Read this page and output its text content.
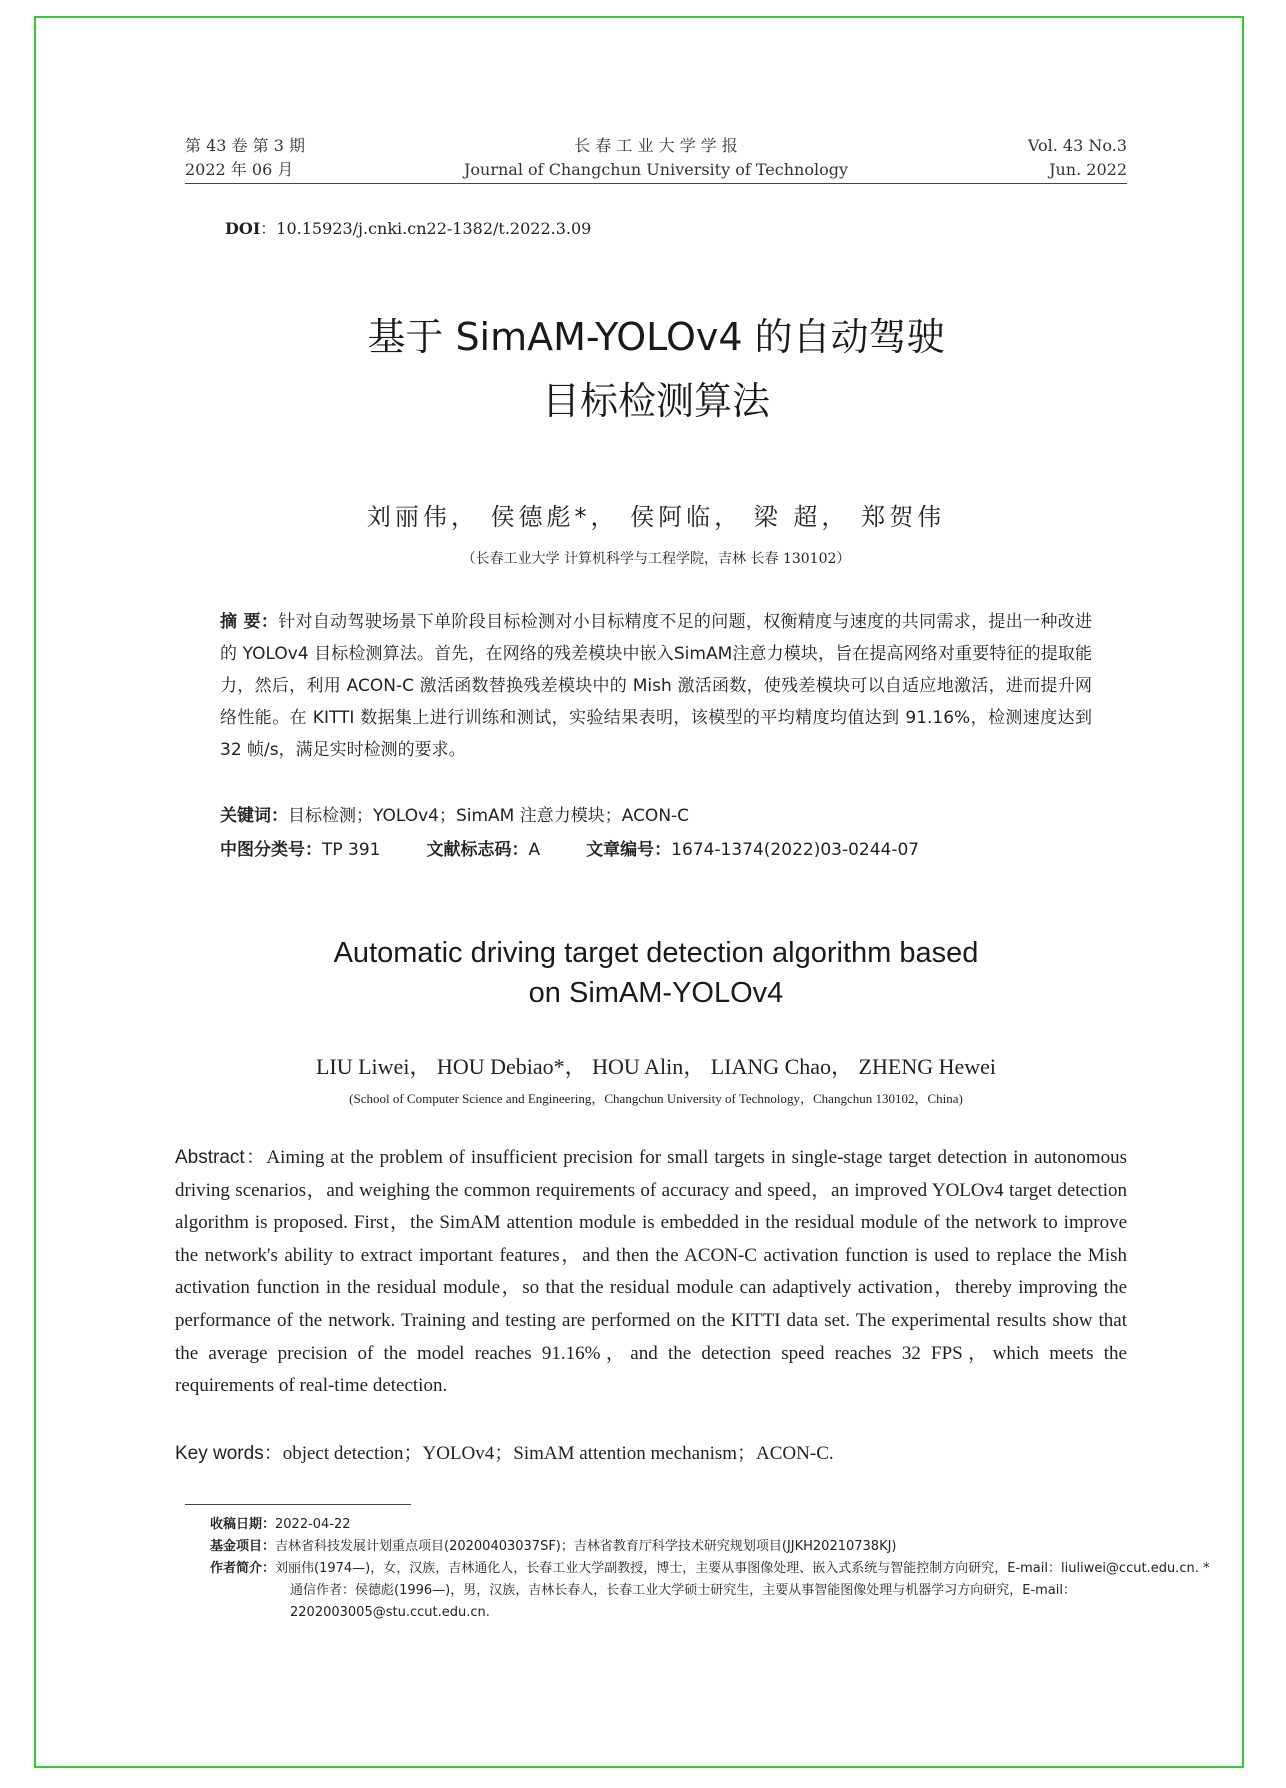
第 43 卷 第 3 期
2022 年 06 月
长 春 工 业 大 学 学 报
Journal of Changchun University of Technology
Vol. 43 No.3
Jun. 2022
DOI：10.15923/j.cnki.cn22-1382/t.2022.3.09
基于 SimAM-YOLOv4 的自动驾驶
目标检测算法
刘丽伟， 侯德彪*， 侯阿临， 梁 超， 郑贺伟
（长春工业大学 计算机科学与工程学院，吉林 长春 130102）
摘 要：针对自动驾驶场景下单阶段目标检测对小目标精度不足的问题，权衡精度与速度的共同需求，提出一种改进的 YOLOv4 目标检测算法。首先，在网络的残差模块中嵌入SimAM注意力模块，旨在提高网络对重要特征的提取能力，然后，利用 ACON-C 激活函数替换残差模块中的 Mish 激活函数，使残差模块可以自适应地激活，进而提升网络性能。在 KITTI 数据集上进行训练和测试，实验结果表明，该模型的平均精度均值达到 91.16%，检测速度达到 32 帧/s，满足实时检测的要求。
关键词：目标检测；YOLOv4；SimAM 注意力模块；ACON-C
中图分类号：TP 391	文献标志码：A	文章编号：1674-1374(2022)03-0244-07
Automatic driving target detection algorithm based
on SimAM-YOLOv4
LIU Liwei， HOU Debiao*， HOU Alin， LIANG Chao， ZHENG Hewei
(School of Computer Science and Engineering，Changchun University of Technology，Changchun 130102，China)
Abstract：Aiming at the problem of insufficient precision for small targets in single-stage target detection in autonomous driving scenarios，and weighing the common requirements of accuracy and speed，an improved YOLOv4 target detection algorithm is proposed. First，the SimAM attention module is embedded in the residual module of the network to improve the network's ability to extract important features，and then the ACON-C activation function is used to replace the Mish activation function in the residual module，so that the residual module can adaptively activation，thereby improving the performance of the network. Training and testing are performed on the KITTI data set. The experimental results show that the average precision of the model reaches 91.16%，and the detection speed reaches 32 FPS，which meets the requirements of real-time detection.
Key words：object detection；YOLOv4；SimAM attention mechanism；ACON-C.
收稿日期：2022-04-22
基金项目：吉林省科技发展计划重点项目(20200403037SF)；吉林省教育厅科学技术研究规划项目(JJKH20210738KJ)
作者简介：刘丽伟(1974—)，女，汉族，吉林通化人，长春工业大学副教授，博士，主要从事图像处理、嵌入式系统与智能控制方向研究，E-mail：liuliwei@ccut.edu.cn. *通信作者：侯德彪(1996—)，男，汉族，吉林长春人，长春工业大学硕士研究生，主要从事智能图像处理与机器学习方向研究，E-mail：2202003005@stu.ccut.edu.cn.
